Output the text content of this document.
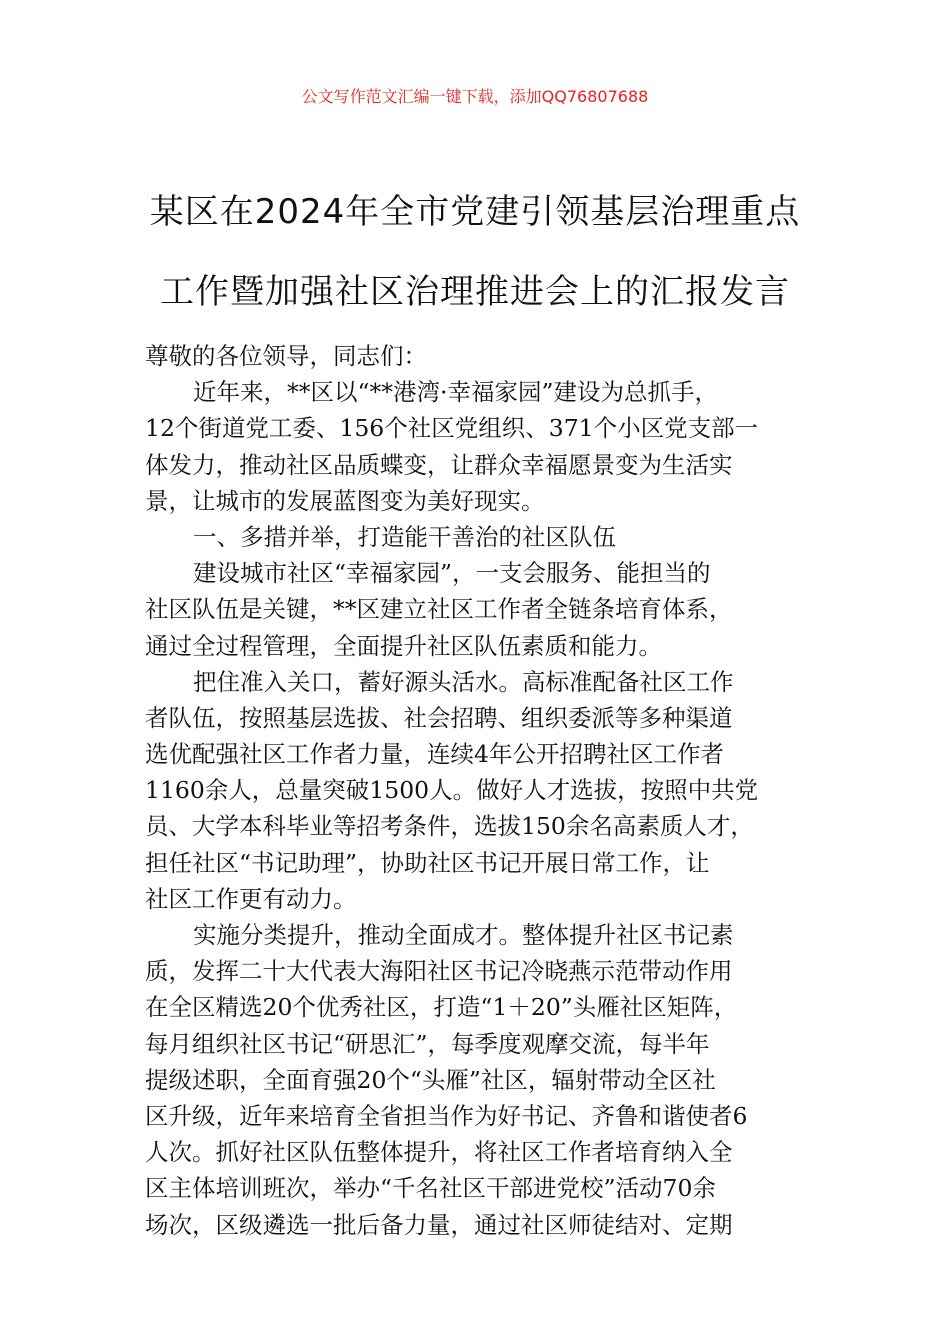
公文写作范文汇编一键下载，添加QQ76807688
某区在2024年全市党建引领基层治理重点
工作暨加强社区治理推进会上的汇报发言
尊敬的各位领导，同志们：
近年来，**区以“**港湾·幸福家园”建设为总抓手，
12个街道党工委、156个社区党组织、371个小区党支部一
体发力，推动社区品质蝶变，让群众幸福愿景变为生活实
景，让城市的发展蓝图变为美好现实。
一、多措并举，打造能干善治的社区队伍
建设城市社区“幸福家园”，一支会服务、能担当的
社区队伍是关键，**区建立社区工作者全链条培育体系，
通过全过程管理，全面提升社区队伍素质和能力。
把住准入关口，蓄好源头活水。高标准配备社区工作
者队伍，按照基层选拔、社会招聘、组织委派等多种渠道
选优配强社区工作者力量，连续4年公开招聘社区工作者
1160余人，总量突破1500人。做好人才选拔，按照中共党
员、大学本科毕业等招考条件，选拔150余名高素质人才，
担任社区“书记助理”，协助社区书记开展日常工作，让
社区工作更有动力。
实施分类提升，推动全面成才。整体提升社区书记素
质，发挥二十大代表大海阳社区书记冷晓燕示范带动作用
在全区精选20个优秀社区，打造“1＋20”头雁社区矩阵，
每月组织社区书记“研思汇”，每季度观摩交流，每半年
提级述职，全面育强20个“头雁”社区，辐射带动全区社
区升级，近年来培育全省担当作为好书记、齐鲁和谐使者6
人次。抓好社区队伍整体提升，将社区工作者培育纳入全
区主体培训班次，举办“千名社区干部进党校”活动70余
场次，区级遴选一批后备力量，通过社区师徒结对、定期
